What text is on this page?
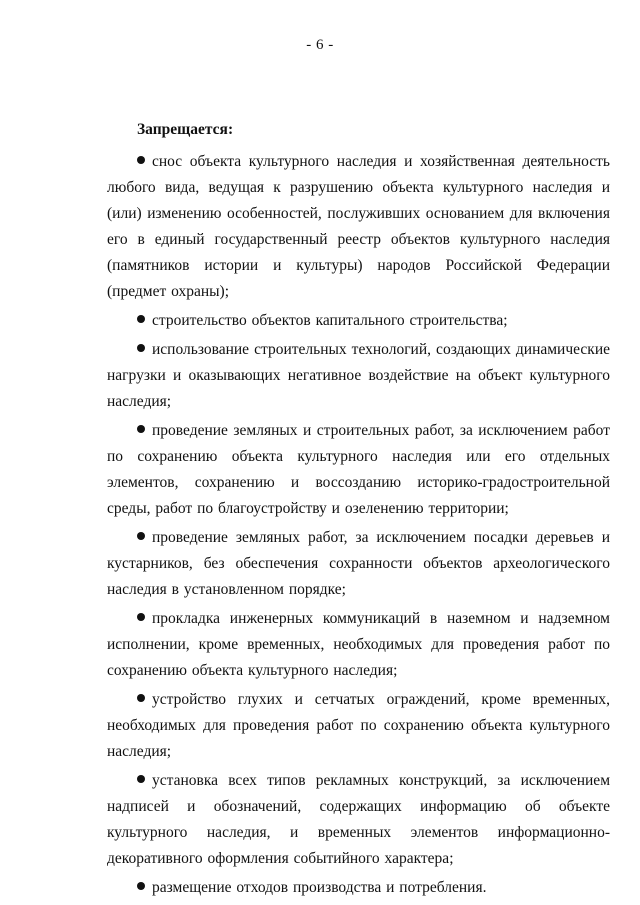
- 6 -
Запрещается:
снос объекта культурного наследия и хозяйственная деятельность любого вида, ведущая к разрушению объекта культурного наследия и (или) изменению особенностей, послуживших основанием для включения его в единый государственный реестр объектов культурного наследия (памятников истории и культуры) народов Российской Федерации (предмет охраны);
строительство объектов капитального строительства;
использование строительных технологий, создающих динамические нагрузки и оказывающих негативное воздействие на объект культурного наследия;
проведение земляных и строительных работ, за исключением работ по сохранению объекта культурного наследия или его отдельных элементов, сохранению и воссозданию историко-градостроительной среды, работ по благоустройству и озеленению территории;
проведение земляных работ, за исключением посадки деревьев и кустарников, без обеспечения сохранности объектов археологического наследия в установленном порядке;
прокладка инженерных коммуникаций в наземном и надземном исполнении, кроме временных, необходимых для проведения работ по сохранению объекта культурного наследия;
устройство глухих и сетчатых ограждений, кроме временных, необходимых для проведения работ по сохранению объекта культурного наследия;
установка всех типов рекламных конструкций, за исключением надписей и обозначений, содержащих информацию об объекте культурного наследия, и временных элементов информационно-декоративного оформления событийного характера;
размещение отходов производства и потребления.
